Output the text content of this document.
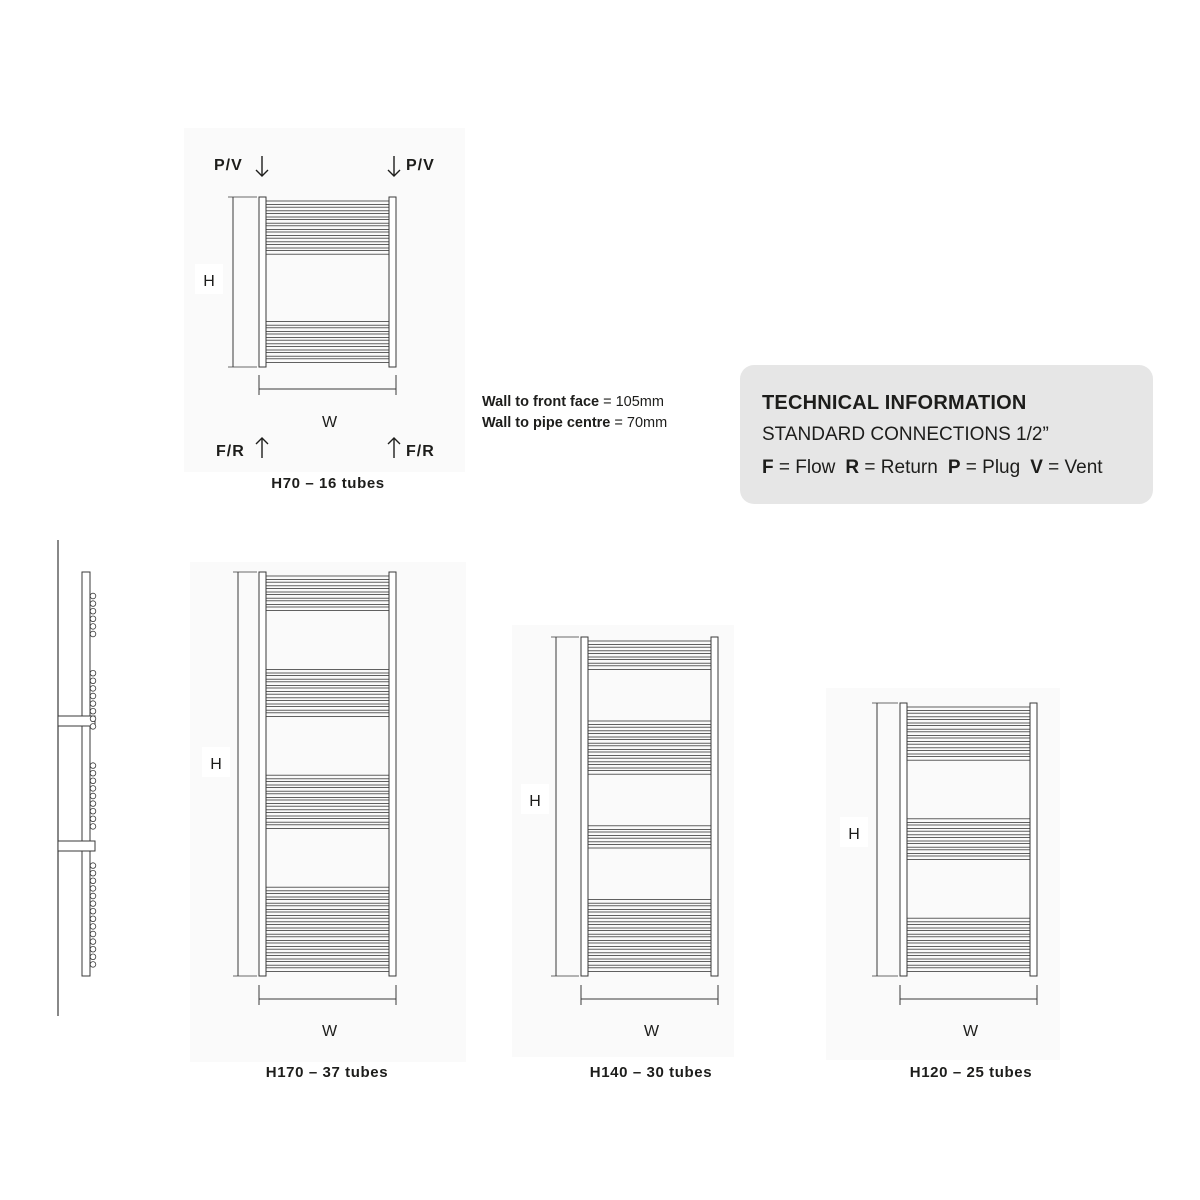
H
W
H
W
H
W
H
W
P/V	P/V
F/R	F/R
H70 – 16 tubes
H170 – 37 tubes	H140 – 30 tubes	H120 – 25 tubes
Wall to front face = 105mm
Wall to pipe centre = 70mm
TECHNICAL INFORMATION
STANDARD CONNECTIONS 1/2”
F = Flow R = Return P = Plug V = Vent
